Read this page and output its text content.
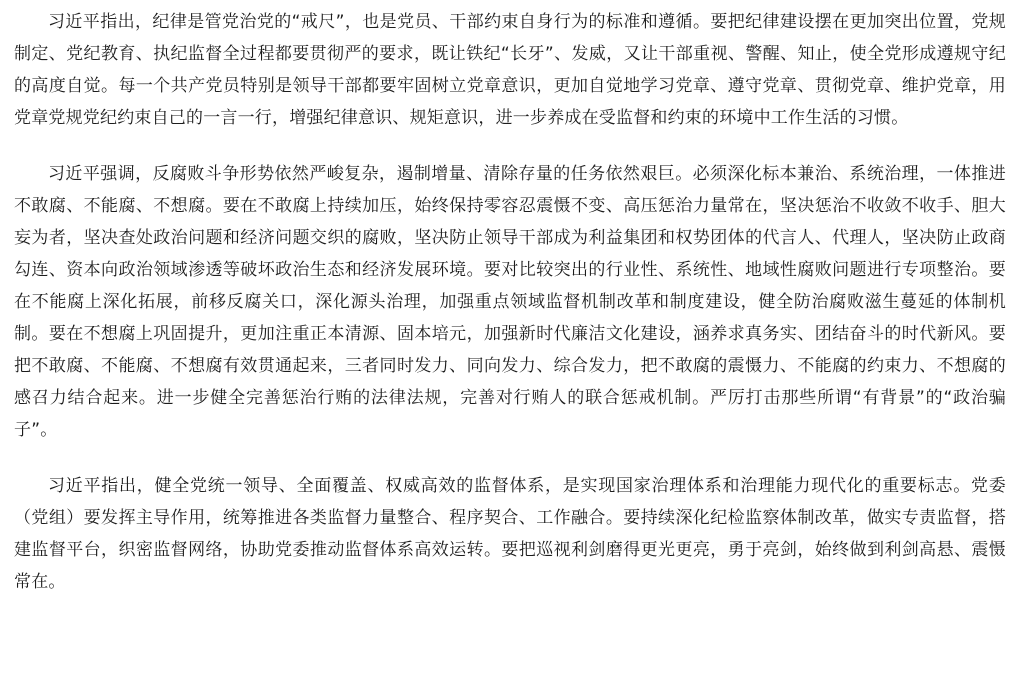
习近平指出，纪律是管党治党的“戒尺”，也是党员、干部约束自身行为的标准和遵循。要把纪律建设摆在更加突出位置，党规制定、党纪教育、执纪监督全过程都要贯彻严的要求，既让铁纪“长牙”、发威，又让干部重视、警醒、知止，使全党形成遵规守纪的高度自觉。每一个共产党员特别是领导干部都要牢固树立党章意识，更加自觉地学习党章、遵守党章、贯彻党章、维护党章，用党章党规党纪约束自己的一言一行，增强纪律意识、规矩意识，进一步养成在受监督和约束的环境中工作生活的习惯。

习近平强调，反腐败斗争形势依然严峻复杂，遏制增量、清除存量的任务依然艰巨。必须深化标本兼治、系统治理，一体推进不敢腐、不能腐、不想腐。要在不敢腐上持续加压，始终保持零容忍震慑不变、高压惩治力量常在，坚决惩治不收敛不收手、胆大妄为者，坚决查处政治问题和经济问题交织的腐败，坚决防止领导干部成为利益集团和权势团体的代言人、代理人，坚决防止政商勾连、资本向政治领域渗透等破坏政治生态和经济发展环境。要对比较突出的行业性、系统性、地域性腐败问题进行专项整治。要在不能腐上深化拓展，前移反腐关口，深化源头治理，加强重点领域监督机制改革和制度建设，健全防治腐败滋生蔓延的体制机制。要在不想腐上巩固提升，更加注重正本清源、固本培元，加强新时代廉洁文化建设，涵养求真务实、团结奋斗的时代新风。要把不敢腐、不能腐、不想腐有效贯通起来，三者同时发力、同向发力、综合发力，把不敢腐的震慑力、不能腐的约束力、不想腐的感召力结合起来。进一步健全完善惩治行贿的法律法规，完善对行贿人的联合惩戒机制。严厉打击那些所谓“有背景”的“政治骗子”。

习近平指出，健全党统一领导、全面覆盖、权威高效的监督体系，是实现国家治理体系和治理能力现代化的重要标志。党委（党组）要发挥主导作用，统筹推进各类监督力量整合、程序契合、工作融合。要持续深化纪检监察体制改革，做实专责监督，搭建监督平台，织密监督网络，协助党委推动监督体系高效运转。要把巡视利剑磨得更光更亮，勇于亮剑，始终做到利剑高悬、震慑常在。
